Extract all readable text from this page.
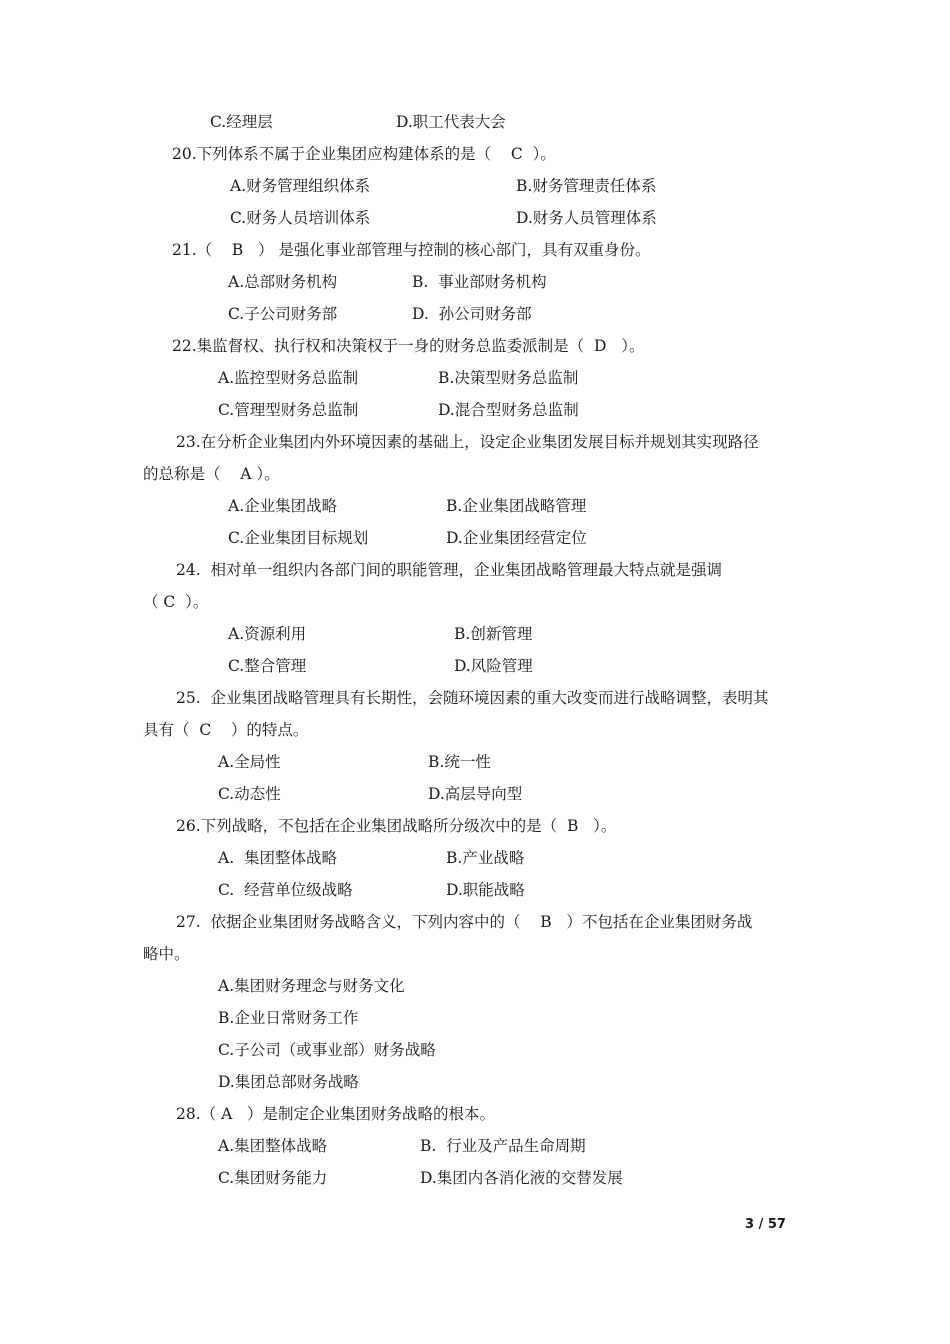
C.经理层	D.职工代表大会
20.下列体系不属于企业集团应构建体系的是（    C  ）。
A.财务管理组织体系	B.财务管理责任体系
C.财务人员培训体系	D.财务人员管理体系
21.（    B   ） 是强化事业部管理与控制的核心部门，具有双重身份。
A.总部财务机构	B.  事业部财务机构
C.子公司财务部	D.  孙公司财务部
22.集监督权、执行权和决策权于一身的财务总监委派制是（  D   ）。
A.监控型财务总监制	B.决策型财务总监制
C.管理型财务总监制	D.混合型财务总监制
23.在分析企业集团内外环境因素的基础上，设定企业集团发展目标并规划其实现路径
的总称是（    A ）。
A.企业集团战略	B.企业集团战略管理
C.企业集团目标规划	D.企业集团经营定位
24.  相对单一组织内各部门间的职能管理，企业集团战略管理最大特点就是强调
（ C  ）。
A.资源利用	B.创新管理
C.整合管理	D.风险管理
25.  企业集团战略管理具有长期性，会随环境因素的重大改变而进行战略调整，表明其
具有（  C    ）的特点。
A.全局性	B.统一性
C.动态性	D.高层导向型
26.下列战略，不包括在企业集团战略所分级次中的是（  B   ）。
A.  集团整体战略	B.产业战略
C.  经营单位级战略	D.职能战略
27.  依据企业集团财务战略含义，下列内容中的（    B   ）不包括在企业集团财务战
略中。
A.集团财务理念与财务文化
B.企业日常财务工作
C.子公司（或事业部）财务战略
D.集团总部财务战略
28.（ A   ）是制定企业集团财务战略的根本。
A.集团整体战略	B.  行业及产品生命周期
C.集团财务能力	D.集团内各消化液的交替发展
3 / 57
